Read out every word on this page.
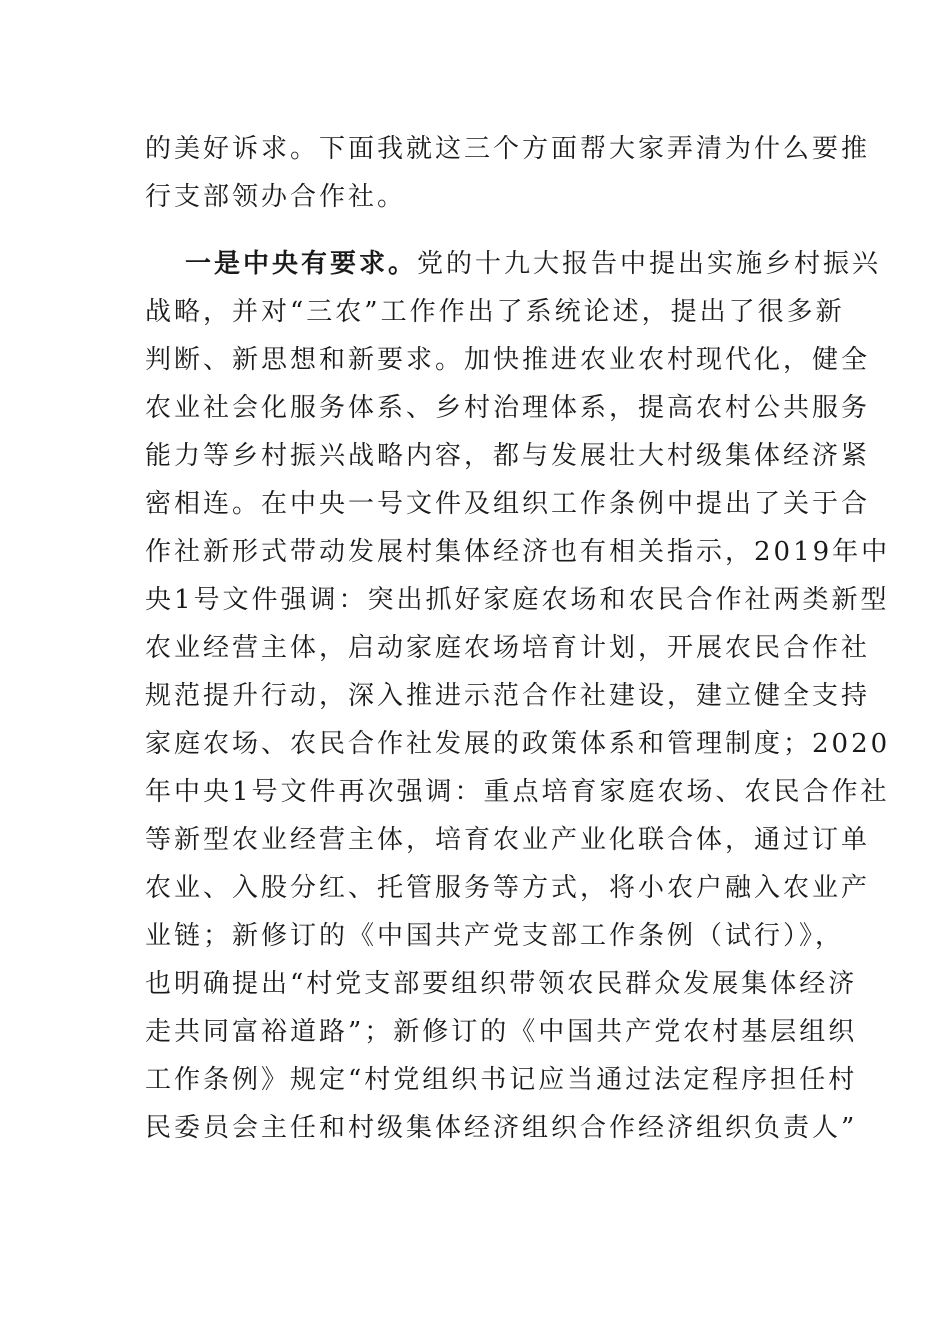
的美好诉求。下面我就这三个方面帮大家弄清为什么要推
行支部领办合作社。
一是中央有要求。党的十九大报告中提出实施乡村振兴
战略，并对“三农”工作作出了系统论述，提出了很多新
判断、新思想和新要求。加快推进农业农村现代化，健全
农业社会化服务体系、乡村治理体系，提高农村公共服务
能力等乡村振兴战略内容，都与发展壮大村级集体经济紧
密相连。在中央一号文件及组织工作条例中提出了关于合
作社新形式带动发展村集体经济也有相关指示，2019年中
央1号文件强调：突出抓好家庭农场和农民合作社两类新型
农业经营主体，启动家庭农场培育计划，开展农民合作社
规范提升行动，深入推进示范合作社建设，建立健全支持
家庭农场、农民合作社发展的政策体系和管理制度；2020
年中央1号文件再次强调：重点培育家庭农场、农民合作社
等新型农业经营主体，培育农业产业化联合体，通过订单
农业、入股分红、托管服务等方式，将小农户融入农业产
业链；新修订的《中国共产党支部工作条例（试行）》，
也明确提出“村党支部要组织带领农民群众发展集体经济
走共同富裕道路”；新修订的《中国共产党农村基层组织
工作条例》规定“村党组织书记应当通过法定程序担任村
民委员会主任和村级集体经济组织合作经济组织负责人”
